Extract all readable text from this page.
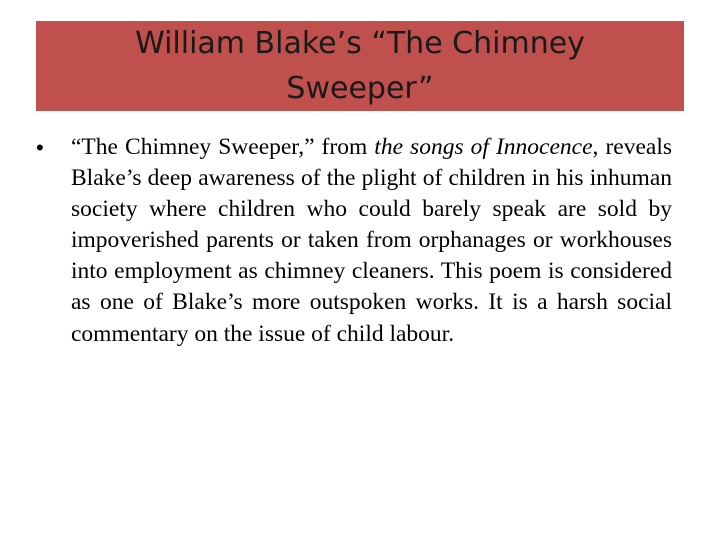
William Blake’s “The Chimney Sweeper”
•	“The Chimney Sweeper,” from the songs of Innocence, reveals Blake’s deep awareness of the plight of children in his inhuman society where children who could barely speak are sold by impoverished parents or taken from orphanages or workhouses into employment as chimney cleaners. This poem is considered as one of Blake’s more outspoken works. It is a harsh social commentary on the issue of child labour.
